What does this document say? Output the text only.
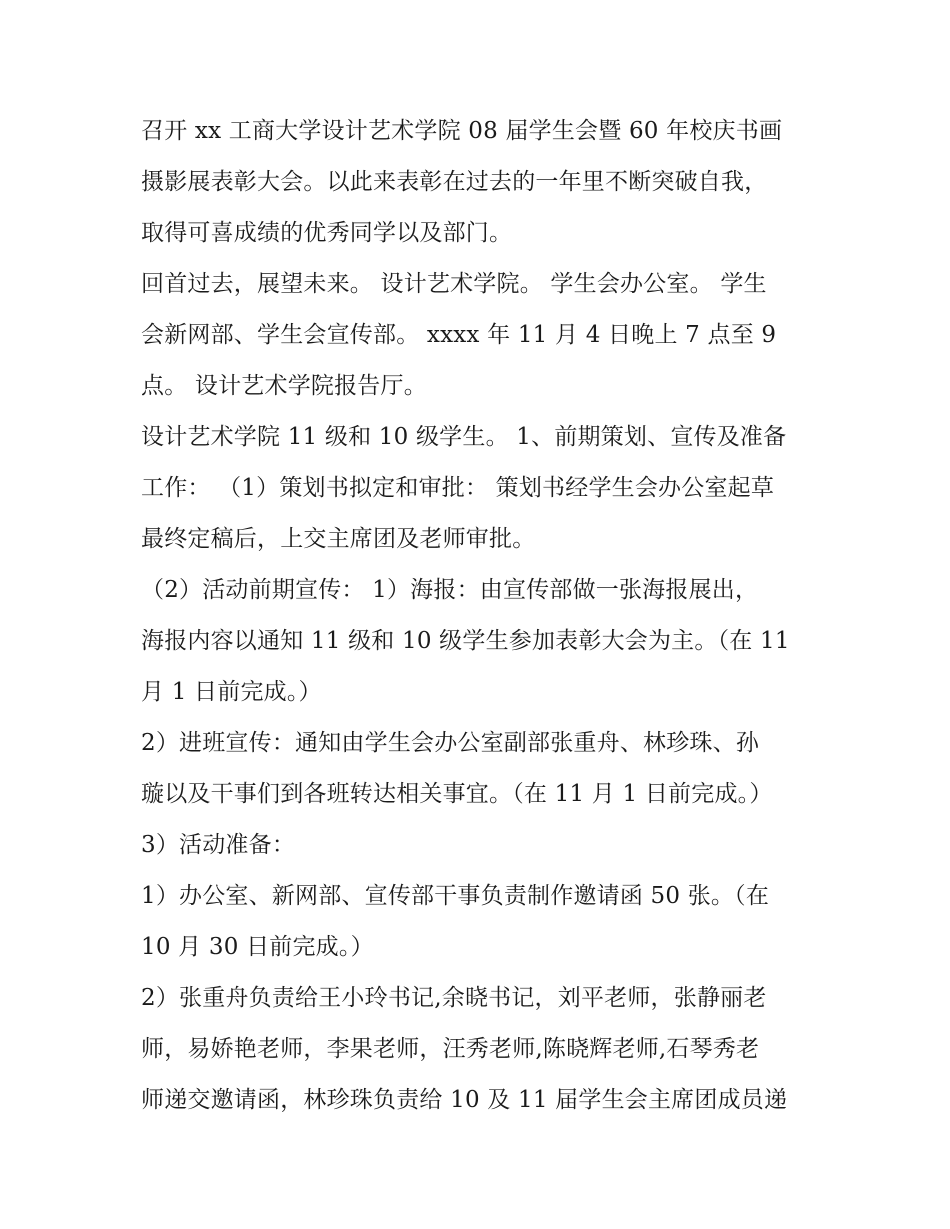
召开 xx 工商大学设计艺术学院 08 届学生会暨 60 年校庆书画
摄影展表彰大会。以此来表彰在过去的一年里不断突破自我，
取得可喜成绩的优秀同学以及部门。
回首过去，展望未来。 设计艺术学院。 学生会办公室。 学生
会新网部、学生会宣传部。 xxxx 年 11 月 4 日晚上 7 点至 9
点。 设计艺术学院报告厅。
设计艺术学院 11 级和 10 级学生。 1、前期策划、宣传及准备
工作： （1）策划书拟定和审批： 策划书经学生会办公室起草
最终定稿后，上交主席团及老师审批。
（2）活动前期宣传： 1）海报：由宣传部做一张海报展出，
海报内容以通知 11 级和 10 级学生参加表彰大会为主。（在 11
月 1 日前完成。）
2）进班宣传：通知由学生会办公室副部张重舟、林珍珠、孙
璇以及干事们到各班转达相关事宜。（在 11 月 1 日前完成。）
3）活动准备：
1）办公室、新网部、宣传部干事负责制作邀请函 50 张。（在
10 月 30 日前完成。）
2）张重舟负责给王小玲书记,余晓书记，刘平老师，张静丽老
师，易娇艳老师，李果老师，汪秀老师,陈晓辉老师,石琴秀老
师递交邀请函，林珍珠负责给 10 及 11 届学生会主席团成员递
